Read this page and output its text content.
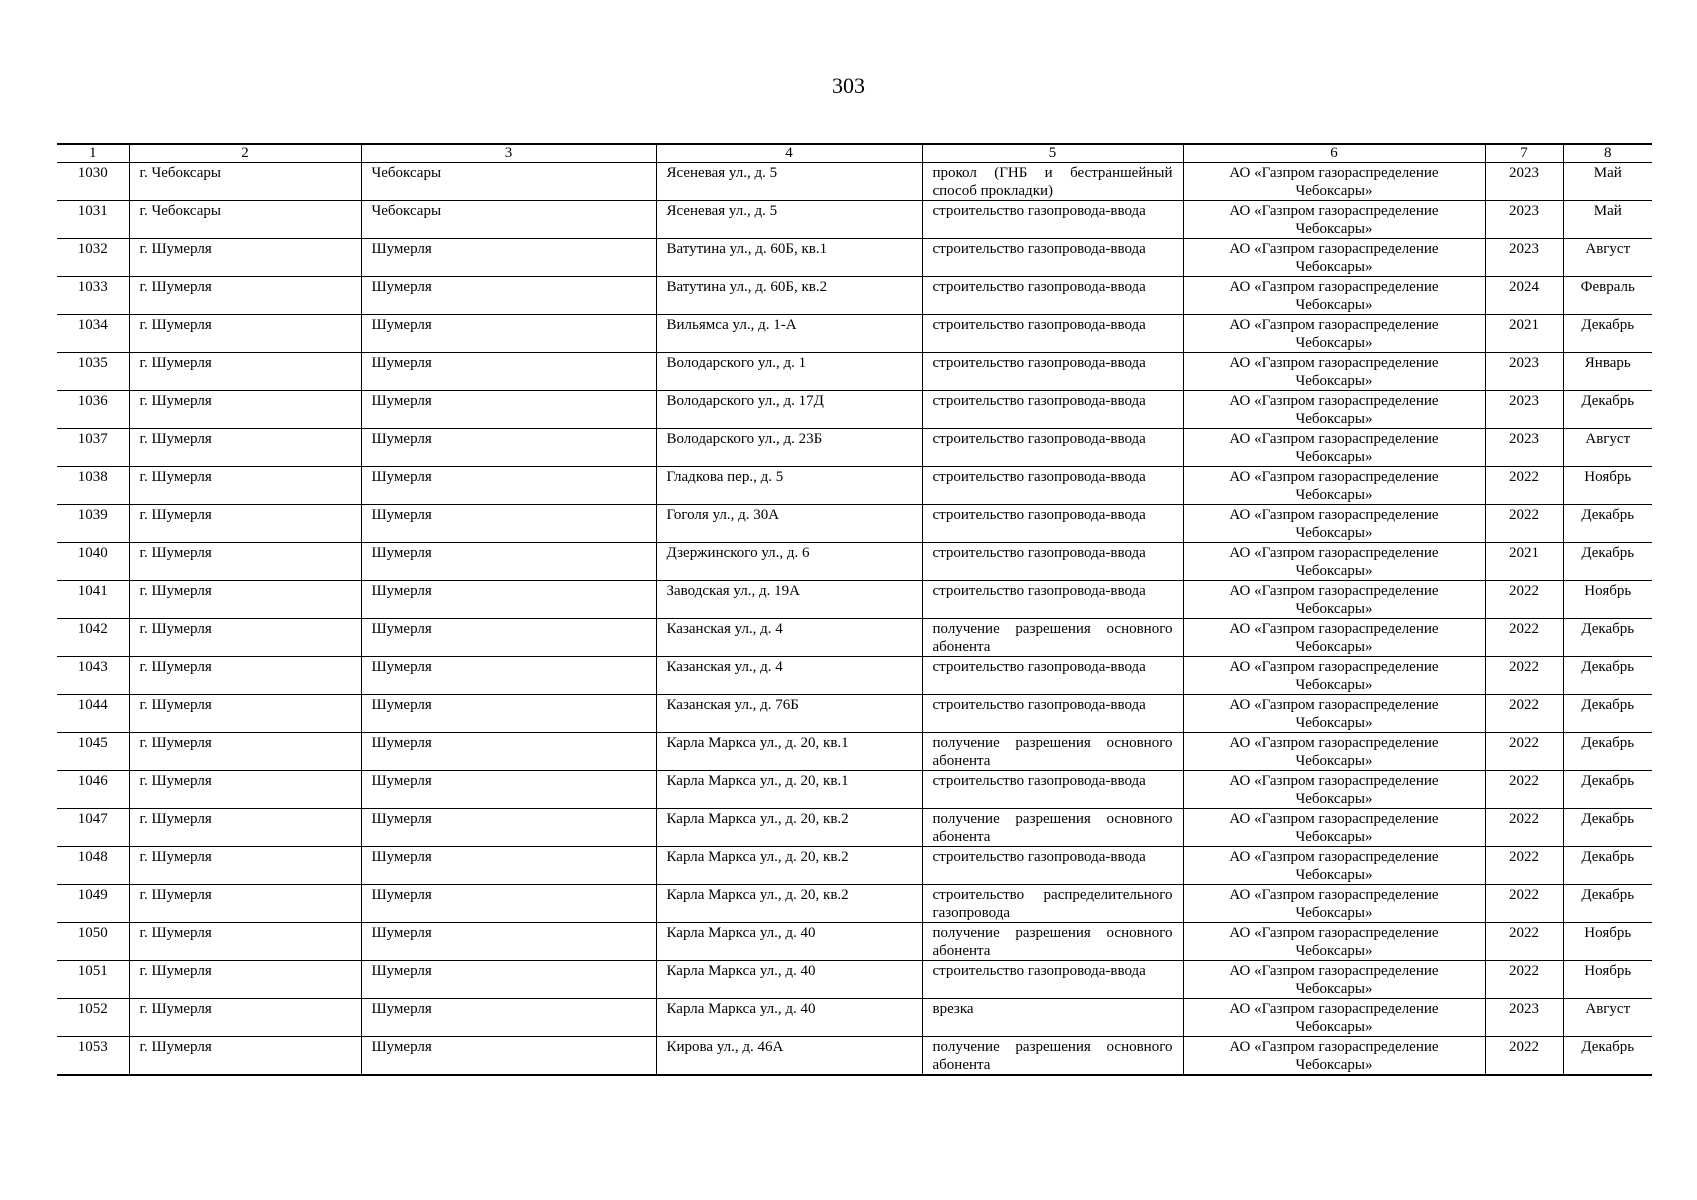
303
1	2	3	4	5	6	7	8
1030	г. Чебоксары	Чебоксары	Ясеневая ул., д. 5	прокол (ГНБ и бестраншейный способ прокладки)	АО «Газпром газораспределение Чебоксары»	2023	Май
1031	г. Чебоксары	Чебоксары	Ясеневая ул., д. 5	строительство газопровода-ввода	АО «Газпром газораспределение Чебоксары»	2023	Май
1032	г. Шумерля	Шумерля	Ватутина ул., д. 60Б, кв.1	строительство газопровода-ввода	АО «Газпром газораспределение Чебоксары»	2023	Август
1033	г. Шумерля	Шумерля	Ватутина ул., д. 60Б, кв.2	строительство газопровода-ввода	АО «Газпром газораспределение Чебоксары»	2024	Февраль
1034	г. Шумерля	Шумерля	Вильямса ул., д. 1-А	строительство газопровода-ввода	АО «Газпром газораспределение Чебоксары»	2021	Декабрь
1035	г. Шумерля	Шумерля	Володарского ул., д. 1	строительство газопровода-ввода	АО «Газпром газораспределение Чебоксары»	2023	Январь
1036	г. Шумерля	Шумерля	Володарского ул., д. 17Д	строительство газопровода-ввода	АО «Газпром газораспределение Чебоксары»	2023	Декабрь
1037	г. Шумерля	Шумерля	Володарского ул., д. 23Б	строительство газопровода-ввода	АО «Газпром газораспределение Чебоксары»	2023	Август
1038	г. Шумерля	Шумерля	Гладкова пер., д. 5	строительство газопровода-ввода	АО «Газпром газораспределение Чебоксары»	2022	Ноябрь
1039	г. Шумерля	Шумерля	Гоголя ул., д. 30А	строительство газопровода-ввода	АО «Газпром газораспределение Чебоксары»	2022	Декабрь
1040	г. Шумерля	Шумерля	Дзержинского ул., д. 6	строительство газопровода-ввода	АО «Газпром газораспределение Чебоксары»	2021	Декабрь
1041	г. Шумерля	Шумерля	Заводская ул., д. 19А	строительство газопровода-ввода	АО «Газпром газораспределение Чебоксары»	2022	Ноябрь
1042	г. Шумерля	Шумерля	Казанская ул., д. 4	получение разрешения основного абонента	АО «Газпром газораспределение Чебоксары»	2022	Декабрь
1043	г. Шумерля	Шумерля	Казанская ул., д. 4	строительство газопровода-ввода	АО «Газпром газораспределение Чебоксары»	2022	Декабрь
1044	г. Шумерля	Шумерля	Казанская ул., д. 76Б	строительство газопровода-ввода	АО «Газпром газораспределение Чебоксары»	2022	Декабрь
1045	г. Шумерля	Шумерля	Карла Маркса ул., д. 20, кв.1	получение разрешения основного абонента	АО «Газпром газораспределение Чебоксары»	2022	Декабрь
1046	г. Шумерля	Шумерля	Карла Маркса ул., д. 20, кв.1	строительство газопровода-ввода	АО «Газпром газораспределение Чебоксары»	2022	Декабрь
1047	г. Шумерля	Шумерля	Карла Маркса ул., д. 20, кв.2	получение разрешения основного абонента	АО «Газпром газораспределение Чебоксары»	2022	Декабрь
1048	г. Шумерля	Шумерля	Карла Маркса ул., д. 20, кв.2	строительство газопровода-ввода	АО «Газпром газораспределение Чебоксары»	2022	Декабрь
1049	г. Шумерля	Шумерля	Карла Маркса ул., д. 20, кв.2	строительство распределительного газопровода	АО «Газпром газораспределение Чебоксары»	2022	Декабрь
1050	г. Шумерля	Шумерля	Карла Маркса ул., д. 40	получение разрешения основного абонента	АО «Газпром газораспределение Чебоксары»	2022	Ноябрь
1051	г. Шумерля	Шумерля	Карла Маркса ул., д. 40	строительство газопровода-ввода	АО «Газпром газораспределение Чебоксары»	2022	Ноябрь
1052	г. Шумерля	Шумерля	Карла Маркса ул., д. 40	врезка	АО «Газпром газораспределение Чебоксары»	2023	Август
1053	г. Шумерля	Шумерля	Кирова ул., д. 46А	получение разрешения основного абонента	АО «Газпром газораспределение Чебоксары»	2022	Декабрь
